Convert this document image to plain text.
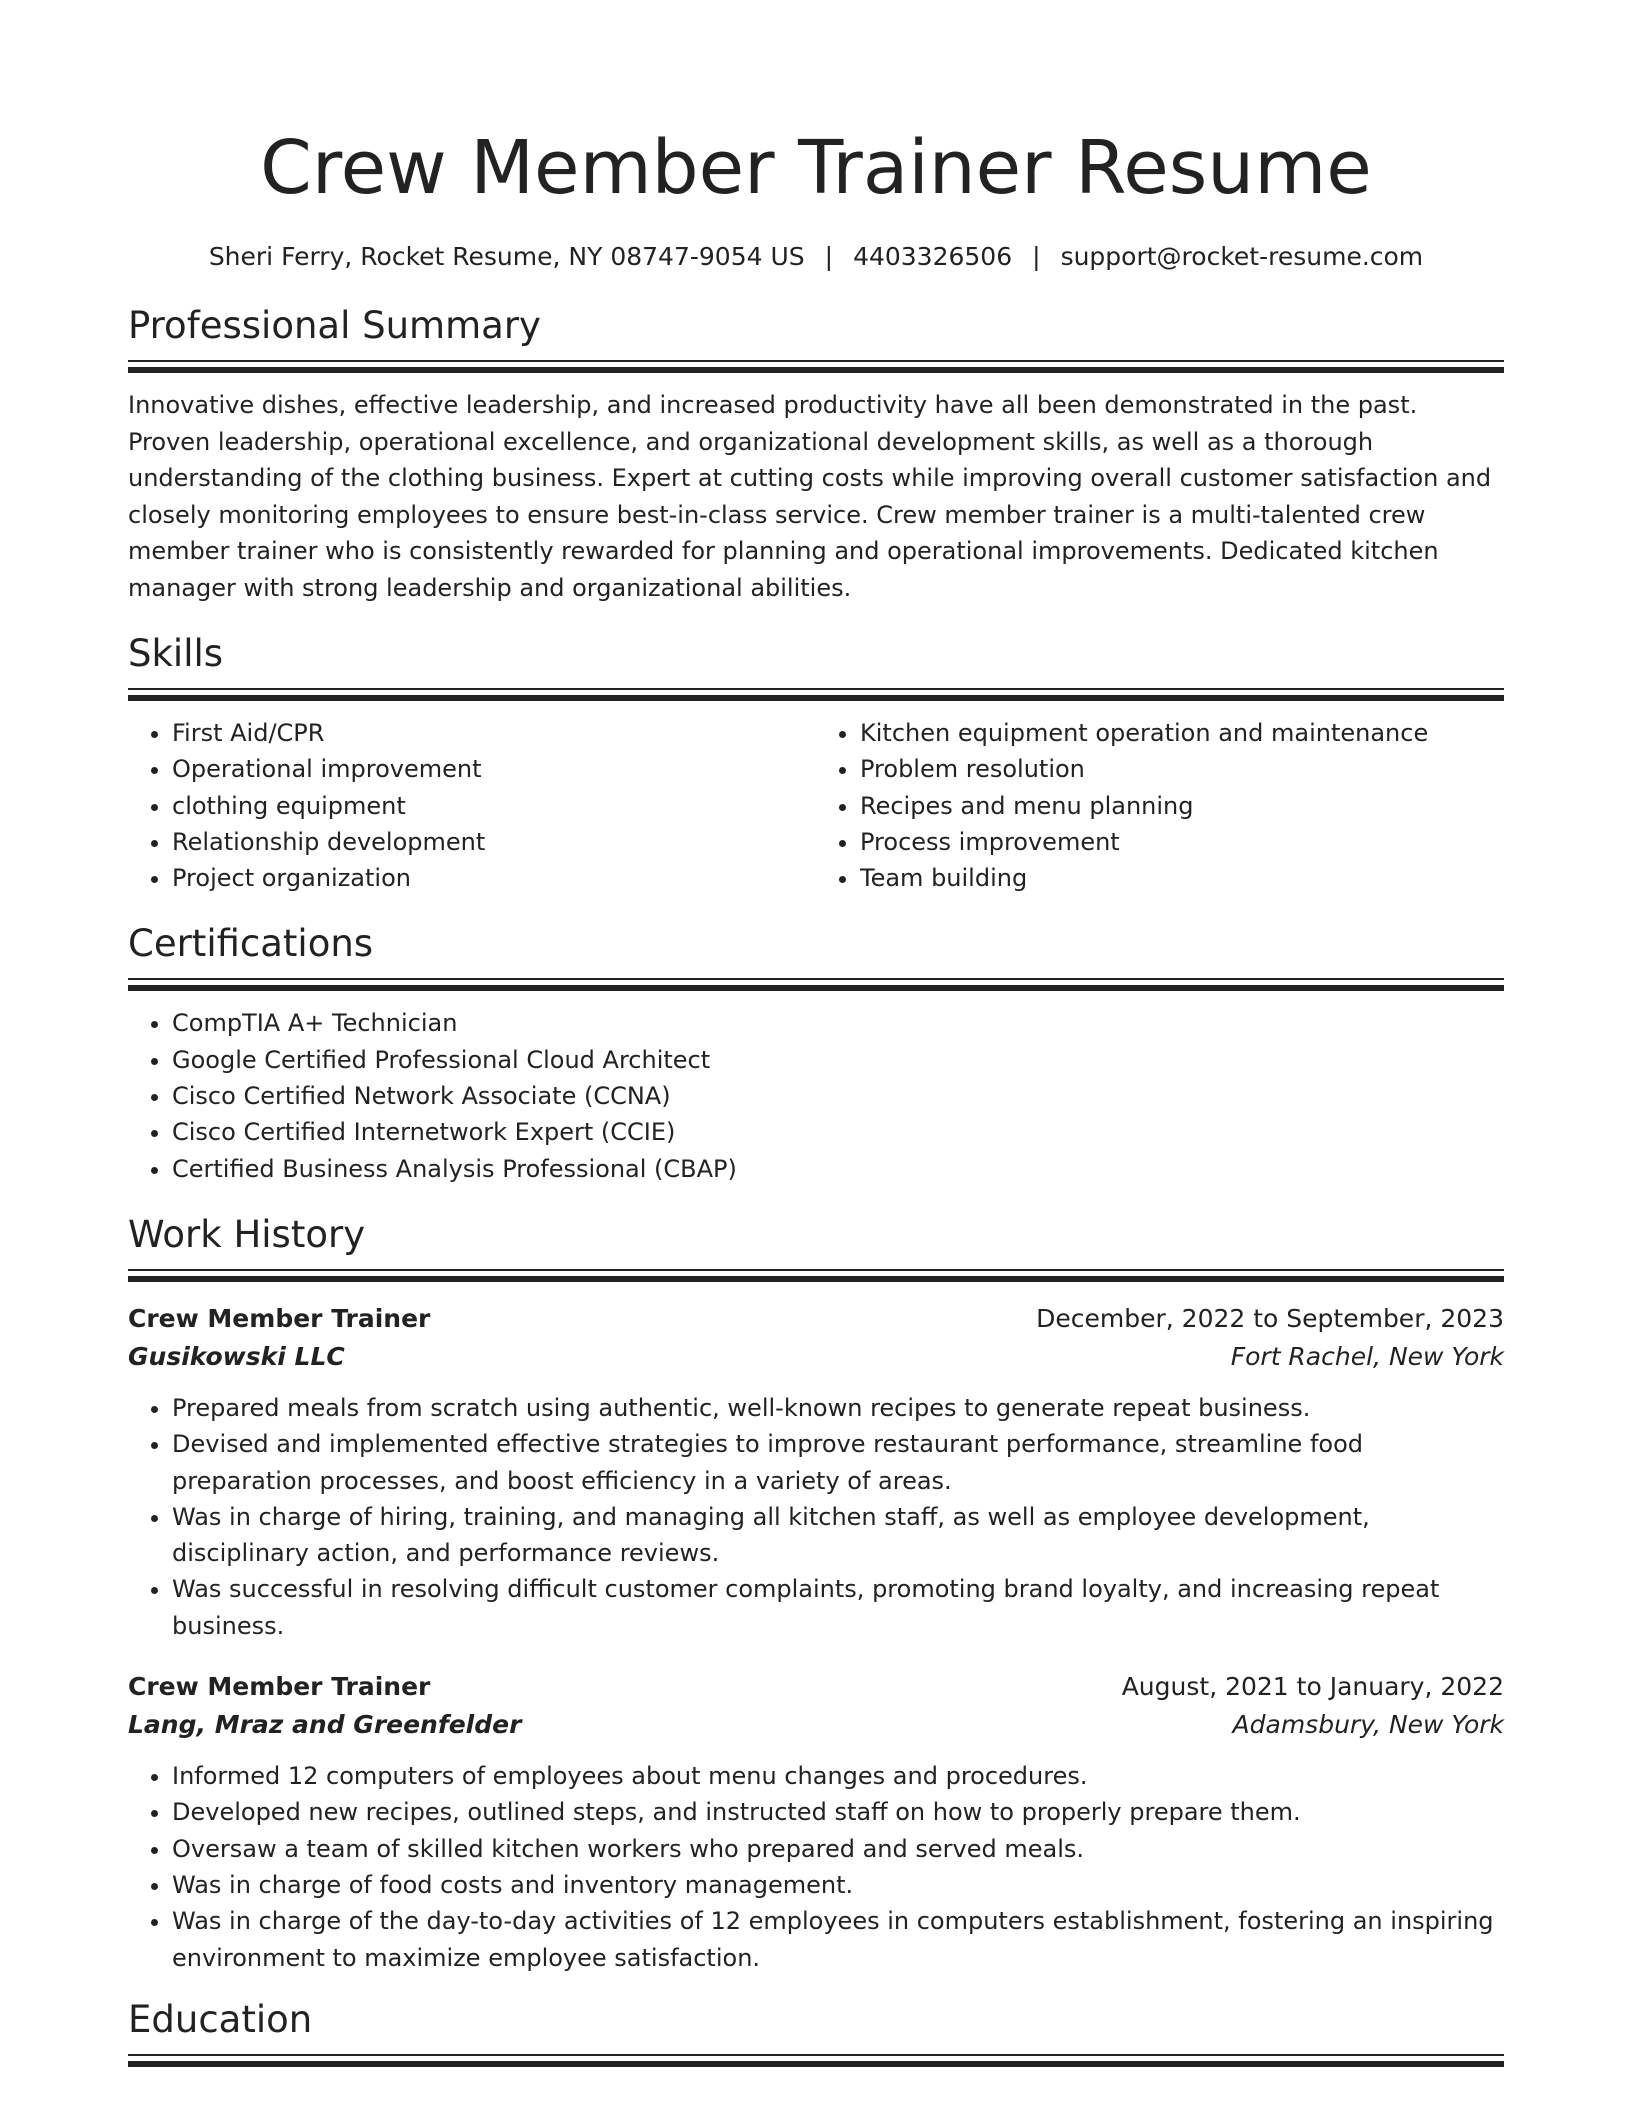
Crew Member Trainer Resume
Sheri Ferry, Rocket Resume, NY 08747-9054 US | 4403326506 | support@rocket-resume.com
Professional Summary

Innovative dishes, effective leadership, and increased productivity have all been demonstrated in the past. Proven leadership, operational excellence, and organizational development skills, as well as a thorough understanding of the clothing business. Expert at cutting costs while improving overall customer satisfaction and closely monitoring employees to ensure best-in-class service. Crew member trainer is a multi-talented crew member trainer who is consistently rewarded for planning and operational improvements. Dedicated kitchen manager with strong leadership and organizational abilities.

Skills
• First Aid/CPR
• Operational improvement
• clothing equipment
• Relationship development
• Project organization
• Kitchen equipment operation and maintenance
• Problem resolution
• Recipes and menu planning
• Process improvement
• Team building
Certifications
• CompTIA A+ Technician
• Google Certified Professional Cloud Architect
• Cisco Certified Network Associate (CCNA)
• Cisco Certified Internetwork Expert (CCIE)
• Certified Business Analysis Professional (CBAP)
Work History
Crew Member Trainer	December, 2022 to September, 2023
Gusikowski LLC	Fort Rachel, New York
• Prepared meals from scratch using authentic, well-known recipes to generate repeat business.
• Devised and implemented effective strategies to improve restaurant performance, streamline food preparation processes, and boost efficiency in a variety of areas.
• Was in charge of hiring, training, and managing all kitchen staff, as well as employee development, disciplinary action, and performance reviews.
• Was successful in resolving difficult customer complaints, promoting brand loyalty, and increasing repeat business.
Crew Member Trainer	August, 2021 to January, 2022
Lang, Mraz and Greenfelder	Adamsbury, New York
• Informed 12 computers of employees about menu changes and procedures.
• Developed new recipes, outlined steps, and instructed staff on how to properly prepare them.
• Oversaw a team of skilled kitchen workers who prepared and served meals.
• Was in charge of food costs and inventory management.
• Was in charge of the day-to-day activities of 12 employees in computers establishment, fostering an inspiring environment to maximize employee satisfaction.
Education
